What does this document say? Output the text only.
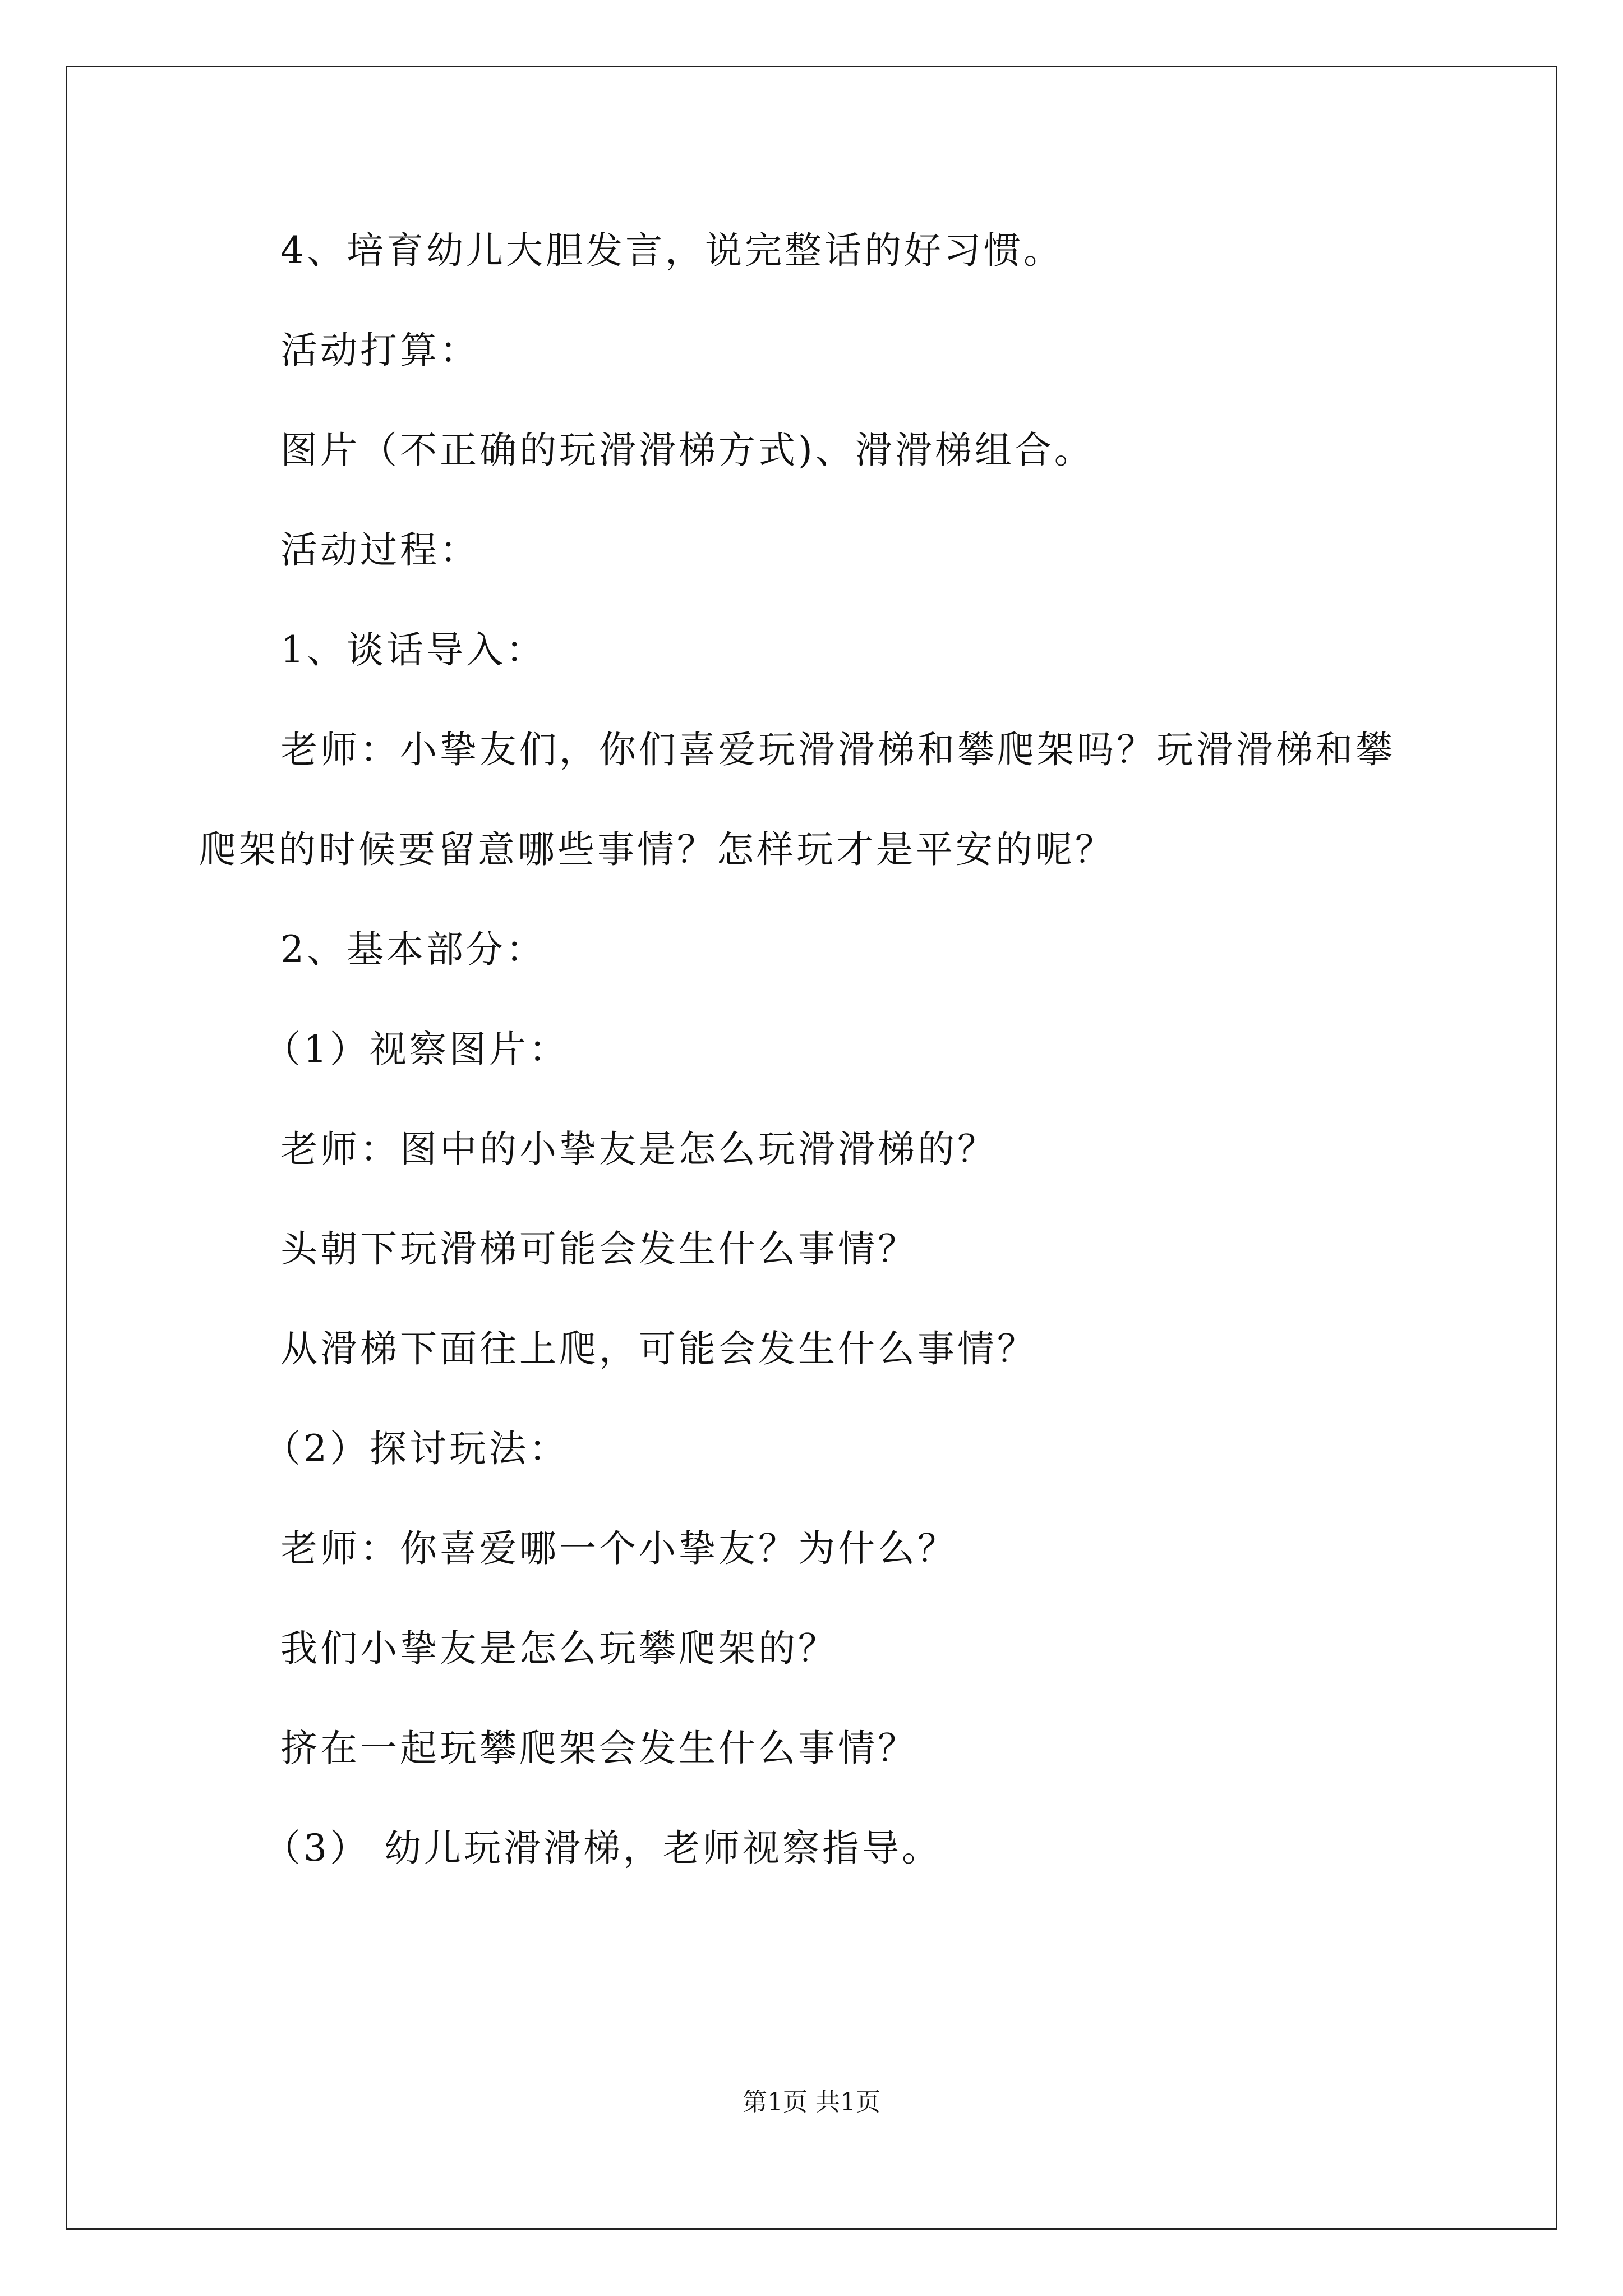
4、培育幼儿大胆发言，说完整话的好习惯。
活动打算：
图片（不正确的玩滑滑梯方式)、滑滑梯组合。
活动过程：
1、谈话导入：
老师：小挚友们，你们喜爱玩滑滑梯和攀爬架吗？玩滑滑梯和攀
爬架的时候要留意哪些事情？怎样玩才是平安的呢？
2、基本部分：
（1）视察图片：
老师：图中的小挚友是怎么玩滑滑梯的？
头朝下玩滑梯可能会发生什么事情？
从滑梯下面往上爬，可能会发生什么事情？
（2）探讨玩法：
老师：你喜爱哪一个小挚友？为什么？
我们小挚友是怎么玩攀爬架的？
挤在一起玩攀爬架会发生什么事情？
（3） 幼儿玩滑滑梯，老师视察指导。
第1页 共1页
